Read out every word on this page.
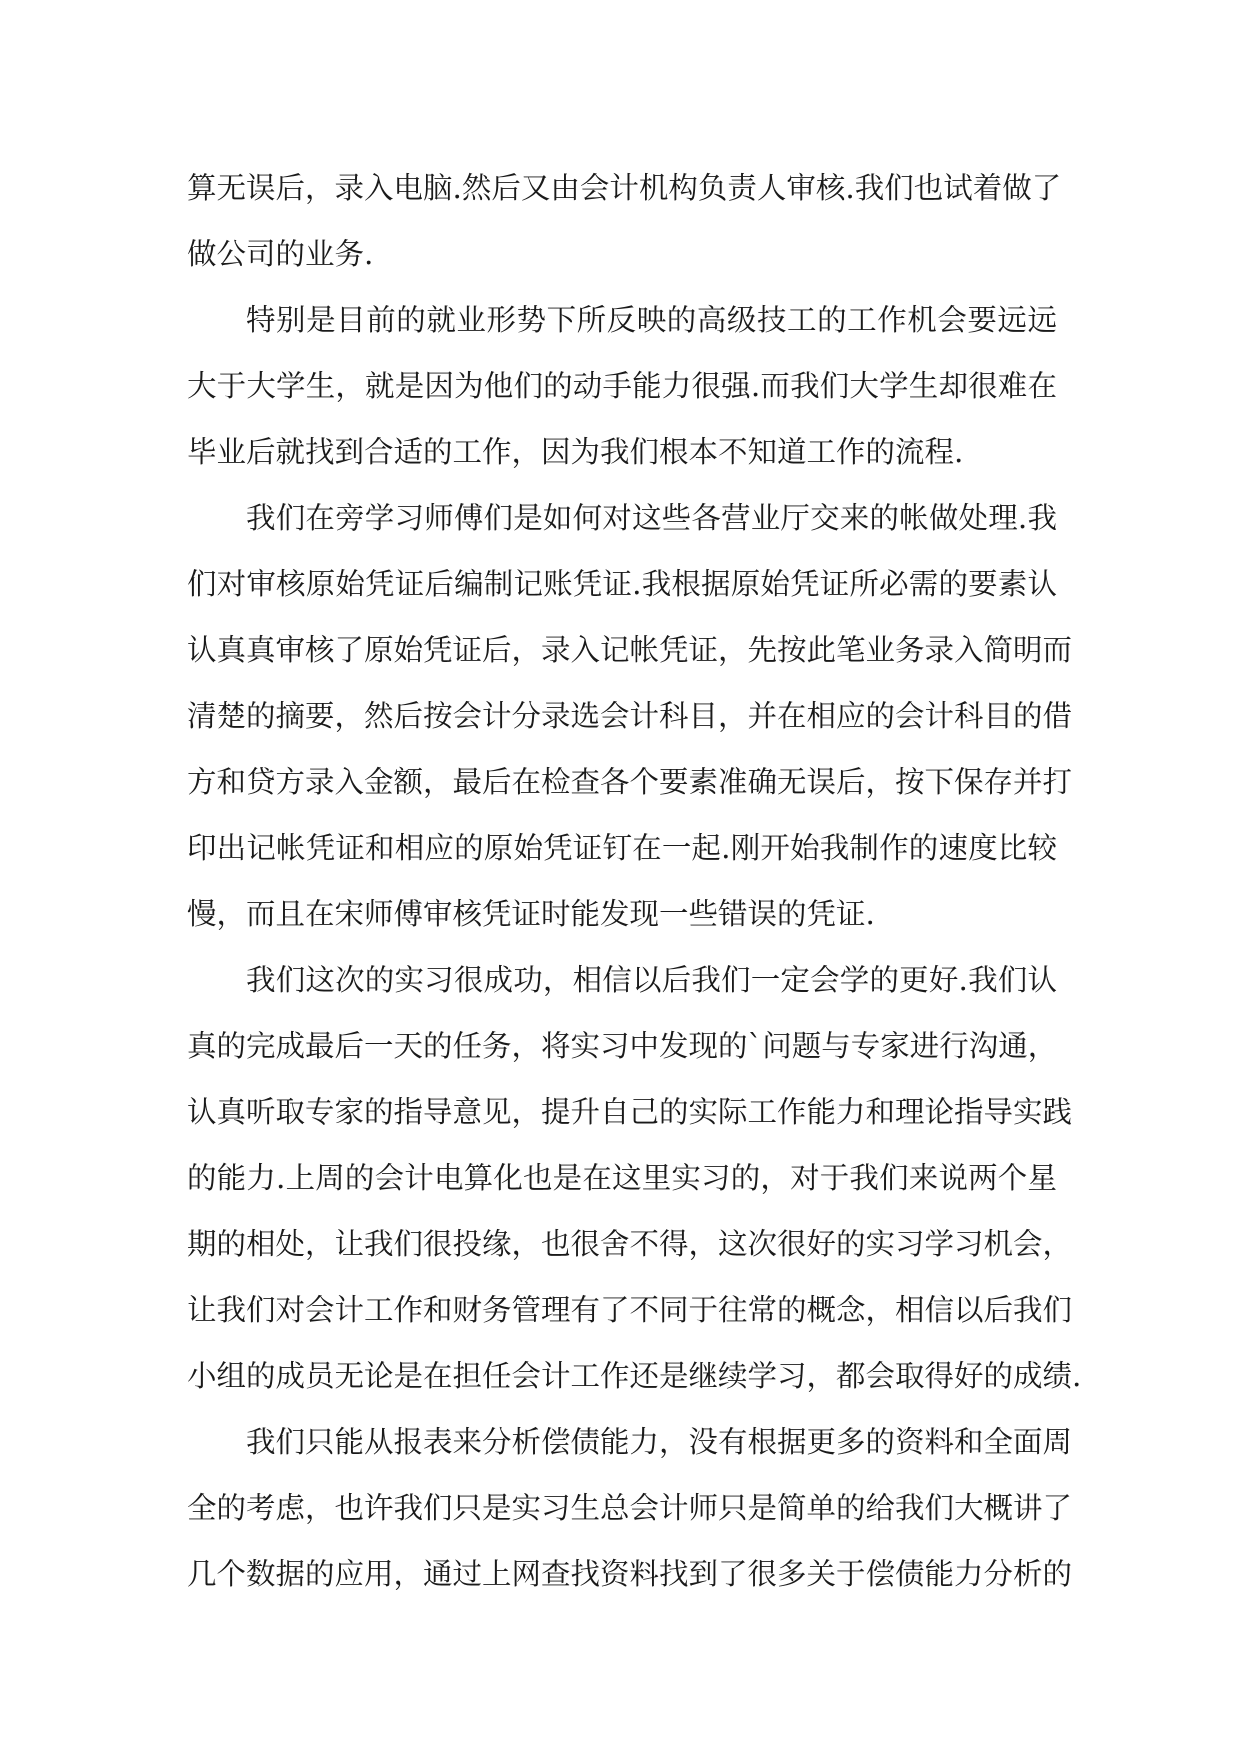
算无误后，录入电脑.然后又由会计机构负责人审核.我们也试着做了
做公司的业务.
特别是目前的就业形势下所反映的高级技工的工作机会要远远
大于大学生，就是因为他们的动手能力很强.而我们大学生却很难在
毕业后就找到合适的工作，因为我们根本不知道工作的流程.
我们在旁学习师傅们是如何对这些各营业厅交来的帐做处理.我
们对审核原始凭证后编制记账凭证.我根据原始凭证所必需的要素认
认真真审核了原始凭证后，录入记帐凭证，先按此笔业务录入简明而
清楚的摘要，然后按会计分录选会计科目，并在相应的会计科目的借
方和贷方录入金额，最后在检查各个要素准确无误后，按下保存并打
印出记帐凭证和相应的原始凭证钉在一起.刚开始我制作的速度比较
慢，而且在宋师傅审核凭证时能发现一些错误的凭证.
我们这次的实习很成功，相信以后我们一定会学的更好.我们认
真的完成最后一天的任务，将实习中发现的`问题与专家进行沟通，
认真听取专家的指导意见，提升自己的实际工作能力和理论指导实践
的能力.上周的会计电算化也是在这里实习的，对于我们来说两个星
期的相处，让我们很投缘，也很舍不得，这次很好的实习学习机会，
让我们对会计工作和财务管理有了不同于往常的概念，相信以后我们
小组的成员无论是在担任会计工作还是继续学习，都会取得好的成绩.
我们只能从报表来分析偿债能力，没有根据更多的资料和全面周
全的考虑，也许我们只是实习生总会计师只是简单的给我们大概讲了
几个数据的应用，通过上网查找资料找到了很多关于偿债能力分析的
